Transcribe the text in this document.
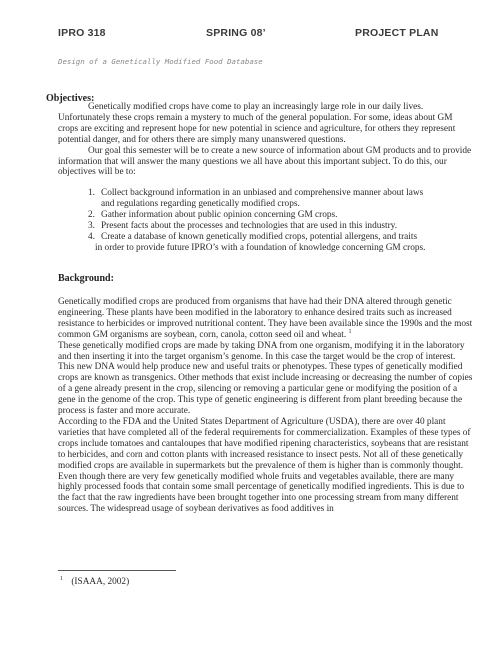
IPRO 318	SPRING 08’	PROJECT PLAN
Design of a Genetically Modified Food Database
Objectives:

Genetically modified crops have come to play an increasingly large role in our daily lives. Unfortunately these crops remain a mystery to much of the general population. For some, ideas about GM crops are exciting and represent hope for new potential in science and agriculture, for others they represent potential danger, and for others there are simply many unanswered questions.

Our goal this semester will be to create a new source of information about GM products and to provide information that will answer the many questions we all have about this important subject. To do this, our objectives will be to:

1. Collect background information in an unbiased and comprehensive manner about laws
and regulations regarding genetically modified crops.
2. Gather information about public opinion concerning GM crops.
3. Present facts about the processes and technologies that are used in this industry.
4. Create a database of known genetically modified crops, potential allergens, and traits
in order to provide future IPRO’s with a foundation of knowledge concerning GM crops.
Background:

Genetically modified crops are produced from organisms that have had their DNA altered through genetic engineering. These plants have been modified in the laboratory to enhance desired traits such as increased resistance to herbicides or improved nutritional content. They have been available since the 1990s and the most common GM organisms are soybean, corn, canola, cotton seed oil and wheat. $^1$

These genetically modified crops are made by taking DNA from one organism, modifying it in the laboratory and then inserting it into the target organism’s genome. In this case the target would be the crop of interest. This new DNA would help produce new and useful traits or phenotypes. These types of genetically modified crops are known as transgenics. Other methods that exist include increasing or decreasing the number of copies of a gene already present in the crop, silencing or removing a particular gene or modifying the position of a gene in the genome of the crop. This type of genetic engineering is different from plant breeding because the process is faster and more accurate.

According to the FDA and the United States Department of Agriculture (USDA), there are over 40 plant varieties that have completed all of the federal requirements for commercialization. Examples of these types of crops include tomatoes and cantaloupes that have modified ripening characteristics, soybeans that are resistant to herbicides, and corn and cotton plants with increased resistance to insect pests. Not all of these genetically modified crops are available in supermarkets but the prevalence of them is higher than is commonly thought. Even though there are very few genetically modified whole fruits and vegetables available, there are many highly processed foods that contain some small percentage of genetically modified ingredients. This is due to the fact that the raw ingredients have been brought together into one processing stream from many different sources. The widespread usage of soybean derivatives as food additives in

$^1$ (ISAAA, 2002)
